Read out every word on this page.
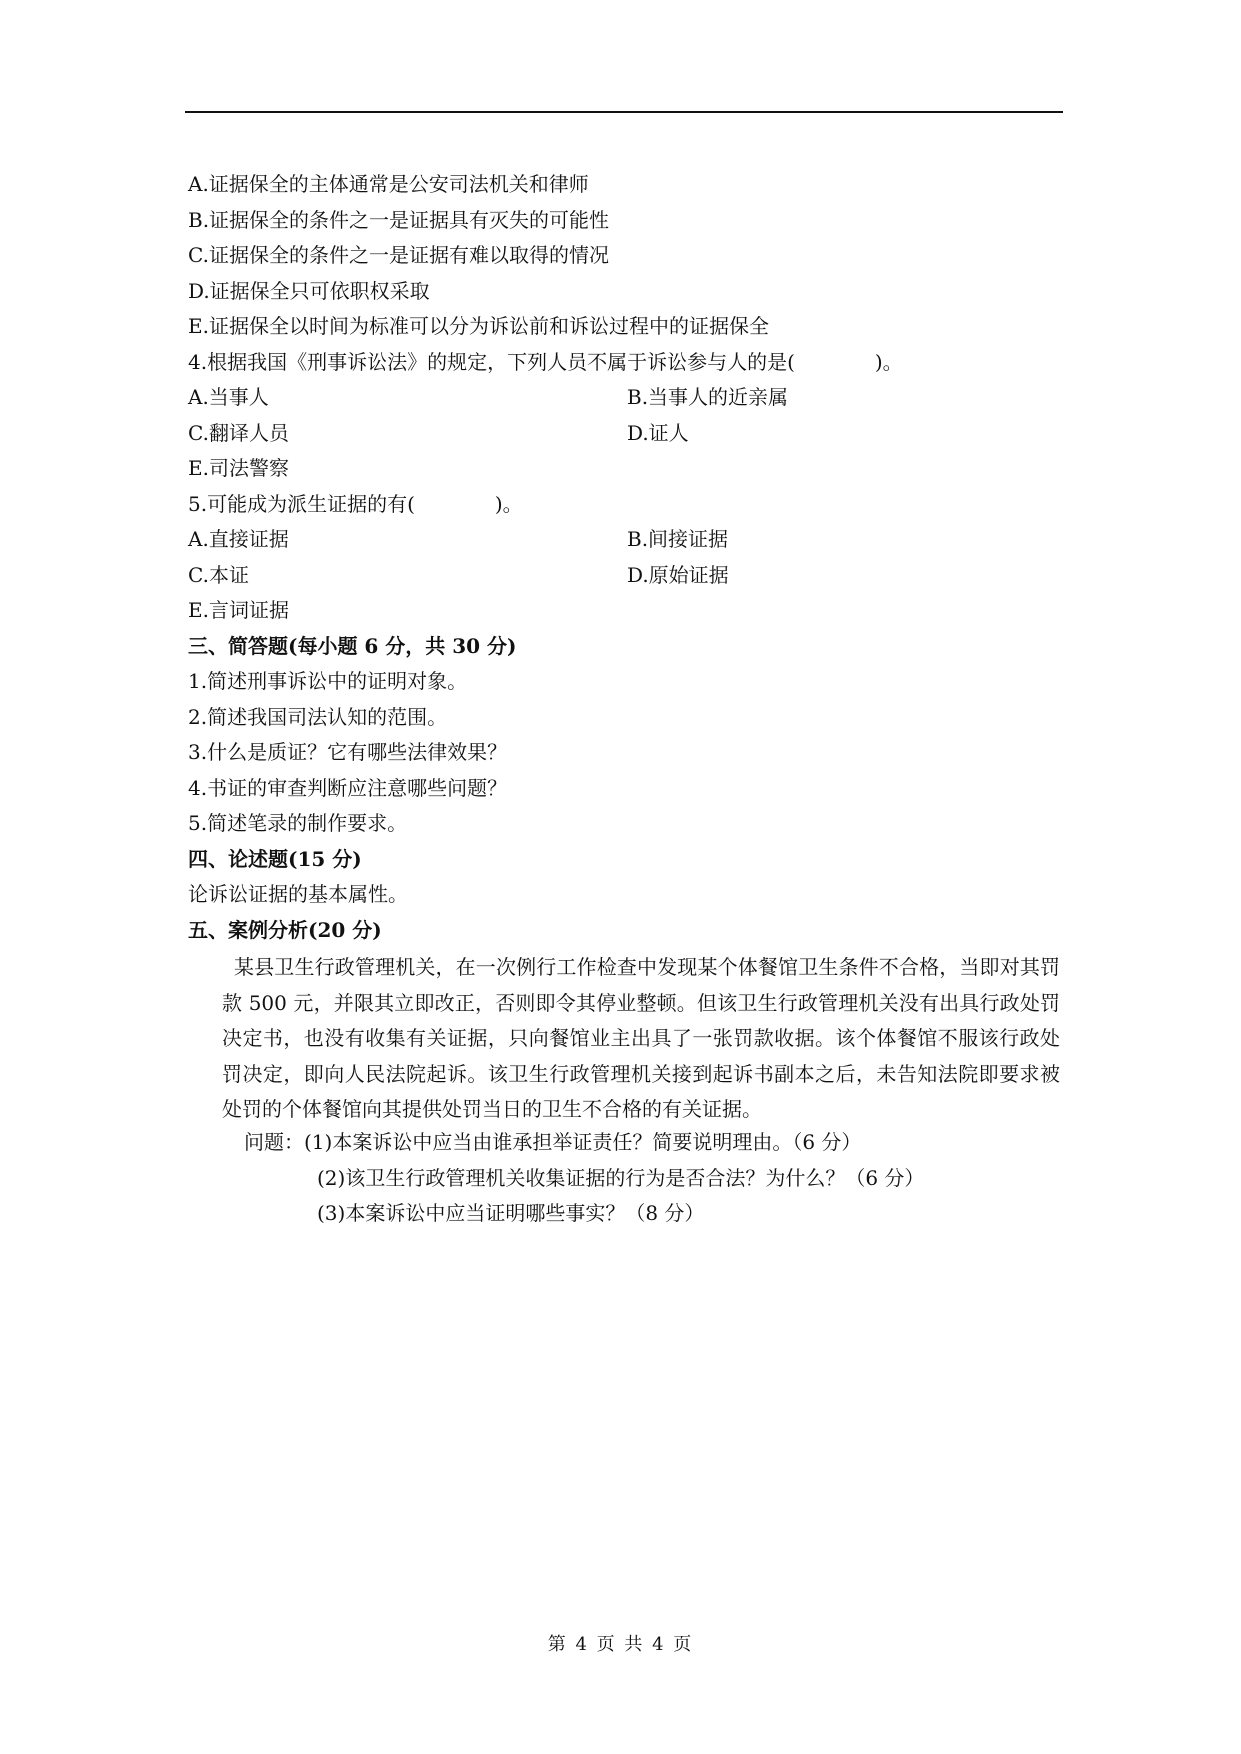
A.证据保全的主体通常是公安司法机关和律师
B.证据保全的条件之一是证据具有灭失的可能性
C.证据保全的条件之一是证据有难以取得的情况
D.证据保全只可依职权采取
E.证据保全以时间为标准可以分为诉讼前和诉讼过程中的证据保全
4.根据我国《刑事诉讼法》的规定，下列人员不属于诉讼参与人的是(　　　　)。
A.当事人	B.当事人的近亲属
C.翻译人员	D.证人
E.司法警察
5.可能成为派生证据的有(　　　　)。
A.直接证据	B.间接证据
C.本证	D.原始证据
E.言词证据
三、简答题(每小题 6 分，共 30 分)
1.简述刑事诉讼中的证明对象。
2.简述我国司法认知的范围。
3.什么是质证？它有哪些法律效果？
4.书证的审查判断应注意哪些问题？
5.简述笔录的制作要求。
四、论述题(15 分)
论诉讼证据的基本属性。
五、案例分析(20 分)
某县卫生行政管理机关，在一次例行工作检查中发现某个体餐馆卫生条件不合格，当即对其罚款 500 元，并限其立即改正，否则即令其停业整顿。但该卫生行政管理机关没有出具行政处罚决定书，也没有收集有关证据，只向餐馆业主出具了一张罚款收据。该个体餐馆不服该行政处罚决定，即向人民法院起诉。该卫生行政管理机关接到起诉书副本之后，未告知法院即要求被处罚的个体餐馆向其提供处罚当日的卫生不合格的有关证据。
问题：(1)本案诉讼中应当由谁承担举证责任？简要说明理由。（6 分）
(2)该卫生行政管理机关收集证据的行为是否合法？为什么？（6 分）
(3)本案诉讼中应当证明哪些事实？（8 分）
第 4 页 共 4 页
